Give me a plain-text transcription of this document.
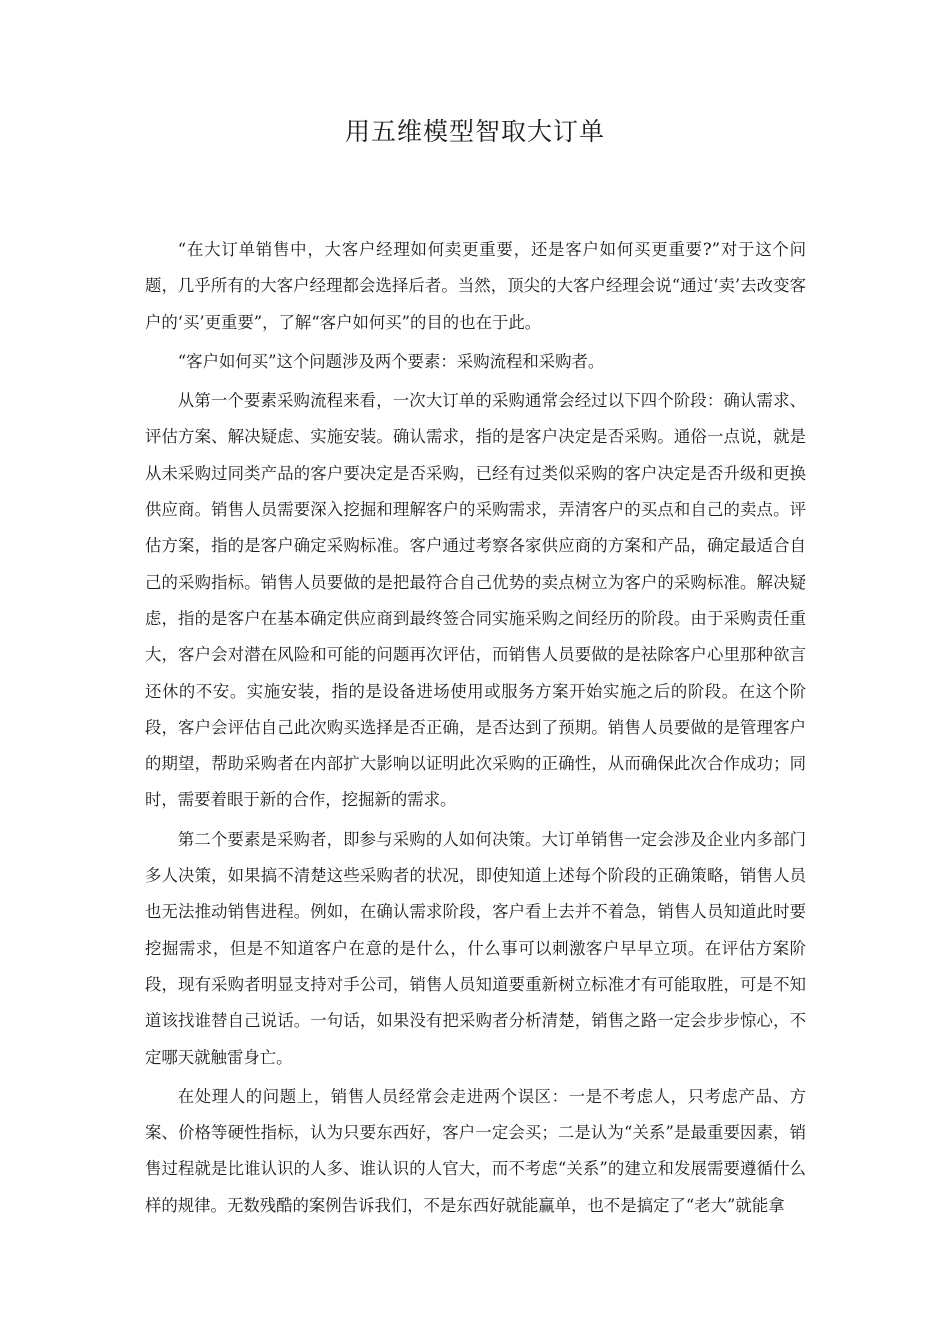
用五维模型智取大订单

“在大订单销售中，大客户经理如何卖更重要，还是客户如何买更重要?”对于这个问题，几乎所有的大客户经理都会选择后者。当然，顶尖的大客户经理会说“通过‘卖’去改变客户的‘买’更重要”，了解“客户如何买”的目的也在于此。

“客户如何买”这个问题涉及两个要素：采购流程和采购者。

从第一个要素采购流程来看，一次大订单的采购通常会经过以下四个阶段：确认需求、评估方案、解决疑虑、实施安装。确认需求，指的是客户决定是否采购。通俗一点说，就是从未采购过同类产品的客户要决定是否采购，已经有过类似采购的客户决定是否升级和更换供应商。销售人员需要深入挖掘和理解客户的采购需求，弄清客户的买点和自己的卖点。评估方案，指的是客户确定采购标准。客户通过考察各家供应商的方案和产品，确定最适合自己的采购指标。销售人员要做的是把最符合自己优势的卖点树立为客户的采购标准。解决疑虑，指的是客户在基本确定供应商到最终签合同实施采购之间经历的阶段。由于采购责任重大，客户会对潜在风险和可能的问题再次评估，而销售人员要做的是祛除客户心里那种欲言还休的不安。实施安装，指的是设备进场使用或服务方案开始实施之后的阶段。在这个阶段，客户会评估自己此次购买选择是否正确，是否达到了预期。销售人员要做的是管理客户的期望，帮助采购者在内部扩大影响以证明此次采购的正确性，从而确保此次合作成功；同时，需要着眼于新的合作，挖掘新的需求。

第二个要素是采购者，即参与采购的人如何决策。大订单销售一定会涉及企业内多部门多人决策，如果搞不清楚这些采购者的状况，即使知道上述每个阶段的正确策略，销售人员也无法推动销售进程。例如，在确认需求阶段，客户看上去并不着急，销售人员知道此时要挖掘需求，但是不知道客户在意的是什么，什么事可以刺激客户早早立项。在评估方案阶段，现有采购者明显支持对手公司，销售人员知道要重新树立标准才有可能取胜，可是不知道该找谁替自己说话。一句话，如果没有把采购者分析清楚，销售之路一定会步步惊心，不定哪天就触雷身亡。

在处理人的问题上，销售人员经常会走进两个误区：一是不考虑人，只考虑产品、方案、价格等硬性指标，认为只要东西好，客户一定会买；二是认为“关系”是最重要因素，销售过程就是比谁认识的人多、谁认识的人官大，而不考虑“关系”的建立和发展需要遵循什么样的规律。无数残酷的案例告诉我们，不是东西好就能赢单，也不是搞定了“老大”就能拿
